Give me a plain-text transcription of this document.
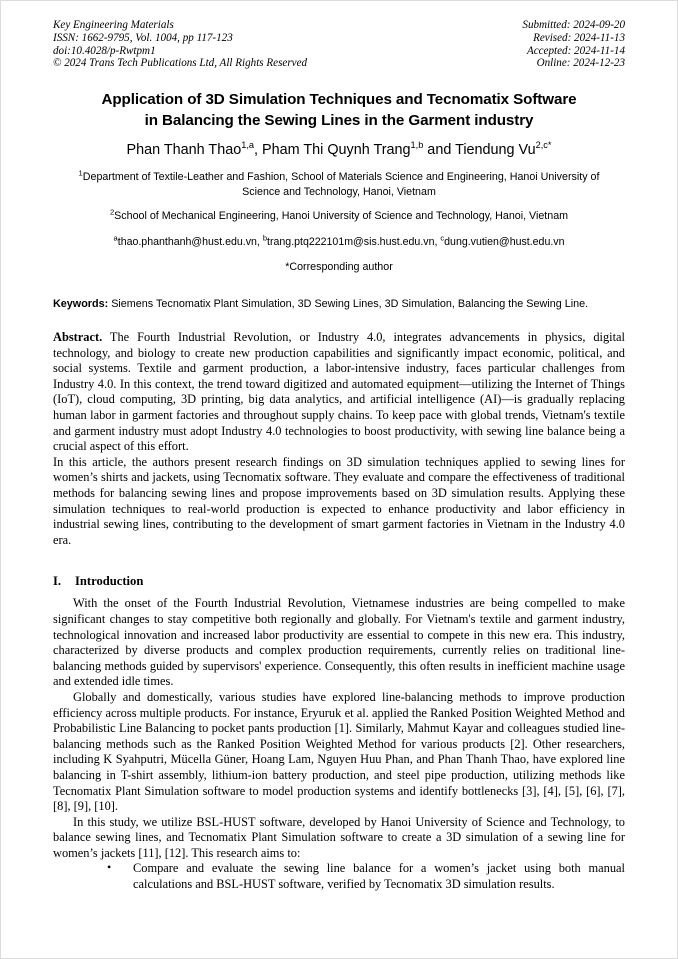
Key Engineering Materials
ISSN: 1662-9795, Vol. 1004, pp 117-123
doi:10.4028/p-Rwtpm1
© 2024 Trans Tech Publications Ltd, All Rights Reserved
Submitted: 2024-09-20
Revised: 2024-11-13
Accepted: 2024-11-14
Online: 2024-12-23
Application of 3D Simulation Techniques and Tecnomatix Software
in Balancing the Sewing Lines in the Garment industry
Phan Thanh Thao$^{1,a}$, Pham Thi Quynh Trang$^{1,b}$ and Tiendung $Vu^{2,c*}$
$^1$Department of Textile-Leather and Fashion, School of Materials Science and Engineering, Hanoi University of Science and Technology, Hanoi, Vietnam
$^2$School of Mechanical Engineering, Hanoi University of Science and Technology, Hanoi, Vietnam
$^a$thao.phanthanh@hust.edu.vn, $^b$trang.ptq222101m@sis.hust.edu.vn, $^c$dung.vutien@hust.edu.vn
*Corresponding author
Keywords: Siemens Tecnomatix Plant Simulation, 3D Sewing Lines, 3D Simulation, Balancing the Sewing Line.

Abstract. The Fourth Industrial Revolution, or Industry 4.0, integrates advancements in physics, digital technology, and biology to create new production capabilities and significantly impact economic, political, and social systems. Textile and garment production, a labor-intensive industry, faces particular challenges from Industry 4.0. In this context, the trend toward digitized and automated equipment—utilizing the Internet of Things (IoT), cloud computing, 3D printing, big data analytics, and artificial intelligence (AI)—is gradually replacing human labor in garment factories and throughout supply chains. To keep pace with global trends, Vietnam's textile and garment industry must adopt Industry 4.0 technologies to boost productivity, with sewing line balance being a crucial aspect of this effort.

In this article, the authors present research findings on 3D simulation techniques applied to sewing lines for women’s shirts and jackets, using Tecnomatix software. They evaluate and compare the effectiveness of traditional methods for balancing sewing lines and propose improvements based on 3D simulation results. Applying these simulation techniques to real-world production is expected to enhance productivity and labor efficiency in industrial sewing lines, contributing to the development of smart garment factories in Vietnam in the Industry 4.0 era.

I. Introduction

With the onset of the Fourth Industrial Revolution, Vietnamese industries are being compelled to make significant changes to stay competitive both regionally and globally. For Vietnam's textile and garment industry, technological innovation and increased labor productivity are essential to compete in this new era. This industry, characterized by diverse products and complex production requirements, currently relies on traditional line-balancing methods guided by supervisors' experience. Consequently, this often results in inefficient machine usage and extended idle times.

Globally and domestically, various studies have explored line-balancing methods to improve production efficiency across multiple products. For instance, Eryuruk et al. applied the Ranked Position Weighted Method and Probabilistic Line Balancing to pocket pants production [1]. Similarly, Mahmut Kayar and colleagues studied line-balancing methods such as the Ranked Position Weighted Method for various products [2]. Other researchers, including K Syahputri, Mücella Güner, Hoang Lam, Nguyen Huu Phan, and Phan Thanh Thao, have explored line balancing in T-shirt assembly, lithium-ion battery production, and steel pipe production, utilizing methods like Tecnomatix Plant Simulation software to model production systems and identify bottlenecks [3], [4], [5], [6], [7], [8], [9], [10].

In this study, we utilize BSL-HUST software, developed by Hanoi University of Science and Technology, to balance sewing lines, and Tecnomatix Plant Simulation software to create a 3D simulation of a sewing line for women’s jackets [11], [12]. This research aims to:

• Compare and evaluate the sewing line balance for a women’s jacket using both manual calculations and BSL-HUST software, verified by Tecnomatix 3D simulation results.
